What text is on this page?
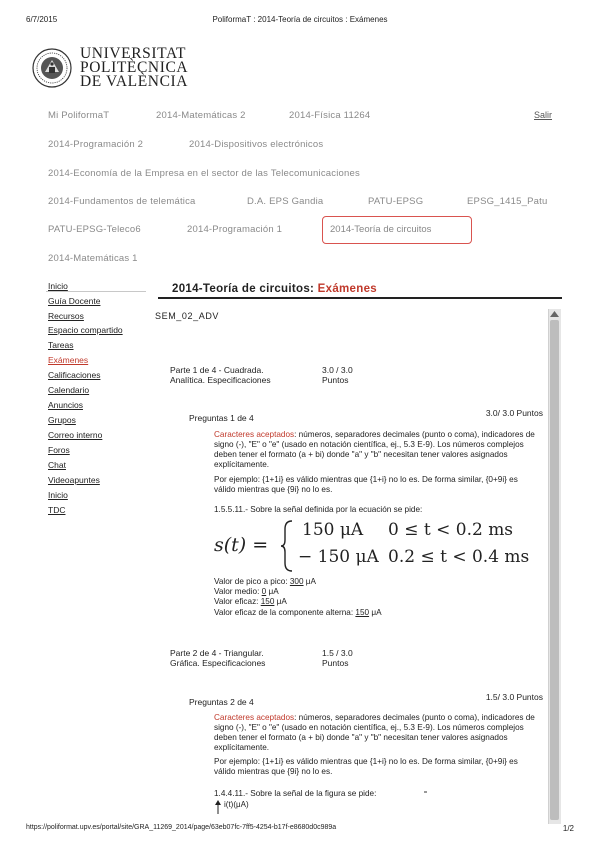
6/7/2015	PoliformaT : 2014-Teoría de circuitos : Exámenes
UNIVERSITAT
POLITÈCNICA
DE VALÈNCIA
Mi PoliformaT	2014-Matemáticas 2	2014-Física 11264	Salir
2014-Programación 2	2014-Dispositivos electrónicos
2014-Economía de la Empresa en el sector de las Telecomunicaciones
2014-Fundamentos de telemática	D.A. EPS Gandia	PATU-EPSG	EPSG_1415_Patu
PATU-EPSG-Teleco6	2014-Programación 1	2014-Teoría de circuitos
2014-Matemáticas 1
Inicio
Guía Docente
Recursos
Espacio compartido
Tareas
Exámenes
Calificaciones
Calendario
Anuncios
Grupos
Correo interno
Foros
Chat
Videoapuntes
Inicio
TDC
2014-Teoría de circuitos: Exámenes
SEM_02_ADV
Parte 1 de 4 - Cuadrada.
Analítica. Especificaciones
3.0 / 3.0
Puntos
Preguntas 1 de 4	3.0/ 3.0 Puntos
Caracteres aceptados: números, separadores decimales (punto o coma), indicadores de signo (-), "E" o "e" (usado en notación científica, ej., 5.3 E-9). Los números complejos deben tener el formato (a + bi) donde "a" y "b" necesitan tener valores asignados explícitamente.
Por ejemplo: {1+1i} es válido mientras que {1+i} no lo es. De forma similar, {0+9i} es válido mientras que {9i} no lo es.
1.5.5.11.- Sobre la señal definida por la ecuación se pide:
s(t) =
150 μA 0 ≤ t < 0.2 ms
− 150 μA 0.2 ≤ t < 0.4 ms
Valor de pico a pico: 300 μA
Valor medio: 0 μA
Valor eficaz: 150 μA
Valor eficaz de la componente alterna: 150 μA
Parte 2 de 4 - Triangular.
Gráfica. Especificaciones
1.5 / 3.0
Puntos
Preguntas 2 de 4	1.5/ 3.0 Puntos
Caracteres aceptados: números, separadores decimales (punto o coma), indicadores de signo (-), "E" o "e" (usado en notación científica, ej., 5.3 E-9). Los números complejos deben tener el formato (a + bi) donde "a" y "b" necesitan tener valores asignados explícitamente.
Por ejemplo: {1+1i} es válido mientras que {1+i} no lo es. De forma similar, {0+9i} es válido mientras que {9i} no lo es.
1.4.4.11.- Sobre la señal de la figura se pide:
i(t)(μA)
https://poliformat.upv.es/portal/site/GRA_11269_2014/page/63eb07fc-7ff5-4254-b17f-e8680d0c989a	1/2
